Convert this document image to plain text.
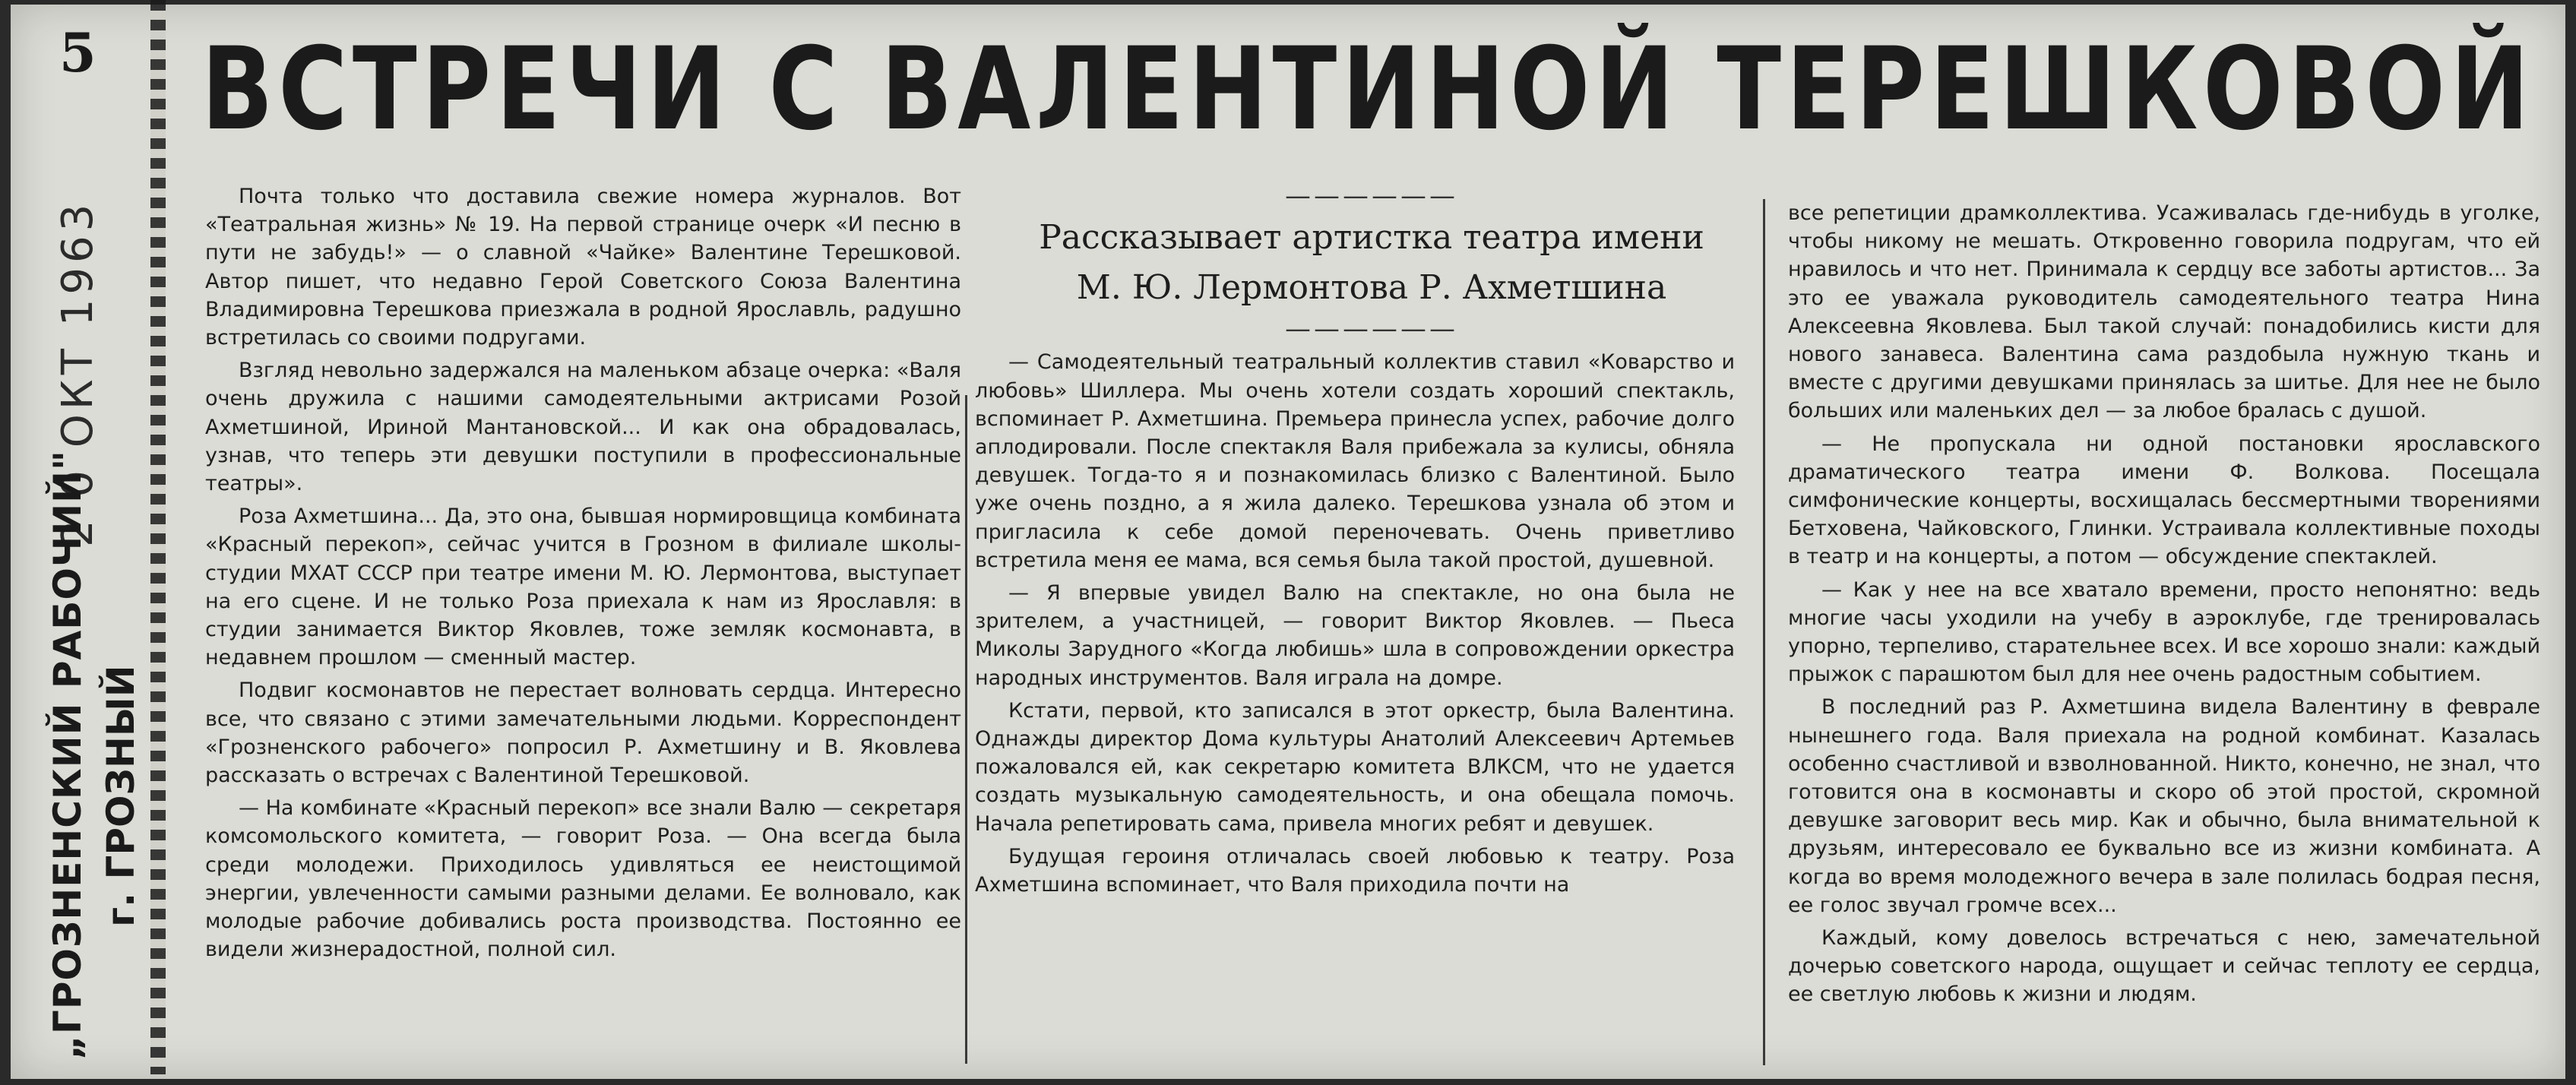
5
2 0 ОКТ 1963
„ГРОЗНЕНСКИЙ РАБОЧИЙ" г. ГРОЗНЫЙ
ВСТРЕЧИ С ВАЛЕНТИНОЙ ТЕРЕШКОВОЙ

Почта только что доставила свежие номера журналов. Вот «Театральная жизнь» № 19. На первой странице очерк «И песню в пути не забудь!» — о славной «Чайке» Валентине Терешковой. Автор пишет, что недавно Герой Советского Союза Валентина Владимировна Терешкова приезжала в родной Ярославль, радушно встретилась со своими подругами.

Взгляд невольно задержался на маленьком абзаце очерка: «Валя очень дружила с нашими самодеятельными актрисами Розой Ахметшиной, Ириной Мантановской... И как она обрадовалась, узнав, что теперь эти девушки поступили в профессиональные театры».

Роза Ахметшина... Да, это она, бывшая нормировщица комбината «Красный перекоп», сейчас учится в Грозном в филиале школы-студии МХАТ СССР при театре имени М. Ю. Лермонтова, выступает на его сцене. И не только Роза приехала к нам из Ярославля: в студии занимается Виктор Яковлев, тоже земляк космонавта, в недавнем прошлом — сменный мастер.

Подвиг космонавтов не перестает волновать сердца. Интересно все, что связано с этими замечательными людьми. Корреспондент «Грозненского рабочего» попросил Р. Ахметшину и В. Яковлева рассказать о встречах с Валентиной Терешковой.

— На комбинате «Красный перекоп» все знали Валю — секретаря комсомольского комитета, — говорит Роза. — Она всегда была среди молодежи. Приходилось удивляться ее неистощимой энергии, увлеченности самыми разными делами. Ее волновало, как молодые рабочие добивались роста производства. Постоянно ее видели жизнерадостной, полной сил.

——————

Рассказывает артистка театра имени

М. Ю. Лермонтова Р. Ахметшина

——————

— Самодеятельный театральный коллектив ставил «Коварство и любовь» Шиллера. Мы очень хотели создать хороший спектакль, вспоминает Р. Ахметшина. Премьера принесла успех, рабочие долго аплодировали. После спектакля Валя прибежала за кулисы, обняла девушек. Тогда-то я и познакомилась близко с Валентиной. Было уже очень поздно, а я жила далеко. Терешкова узнала об этом и пригласила к себе домой переночевать. Очень приветливо встретила меня ее мама, вся семья была такой простой, душевной.

— Я впервые увидел Валю на спектакле, но она была не зрителем, а участницей, — говорит Виктор Яковлев. — Пьеса Миколы Зарудного «Когда любишь» шла в сопровождении оркестра народных инструментов. Валя играла на домре.

Кстати, первой, кто записался в этот оркестр, была Валентина. Однажды директор Дома культуры Анатолий Алексеевич Артемьев пожаловался ей, как секретарю комитета ВЛКСМ, что не удается создать музыкальную самодеятельность, и она обещала помочь. Начала репетировать сама, привела многих ребят и девушек.

Будущая героиня отличалась своей любовью к театру. Роза Ахметшина вспоминает, что Валя приходила почти на

все репетиции драмколлектива. Усаживалась где-нибудь в уголке, чтобы никому не мешать. Откровенно говорила подругам, что ей нравилось и что нет. Принимала к сердцу все заботы артистов... За это ее уважала руководитель самодеятельного театра Нина Алексеевна Яковлева. Был такой случай: понадобились кисти для нового занавеса. Валентина сама раздобыла нужную ткань и вместе с другими девушками принялась за шитье. Для нее не было больших или маленьких дел — за любое бралась с душой.

— Не пропускала ни одной постановки ярославского драматического театра имени Ф. Волкова. Посещала симфонические концерты, восхищалась бессмертными творениями Бетховена, Чайковского, Глинки. Устраивала коллективные походы в театр и на концерты, а потом — обсуждение спектаклей.

— Как у нее на все хватало времени, просто непонятно: ведь многие часы уходили на учебу в аэроклубе, где тренировалась упорно, терпеливо, старательнее всех. И все хорошо знали: каждый прыжок с парашютом был для нее очень радостным событием.

В последний раз Р. Ахметшина видела Валентину в феврале нынешнего года. Валя приехала на родной комбинат. Казалась особенно счастливой и взволнованной. Никто, конечно, не знал, что готовится она в космонавты и скоро об этой простой, скромной девушке заговорит весь мир. Как и обычно, была внимательной к друзьям, интересовало ее буквально все из жизни комбината. А когда во время молодежного вечера в зале полилась бодрая песня, ее голос звучал громче всех...

Каждый, кому довелось встречаться с нею, замечательной дочерью советского народа, ощущает и сейчас теплоту ее сердца, ее светлую любовь к жизни и людям.
